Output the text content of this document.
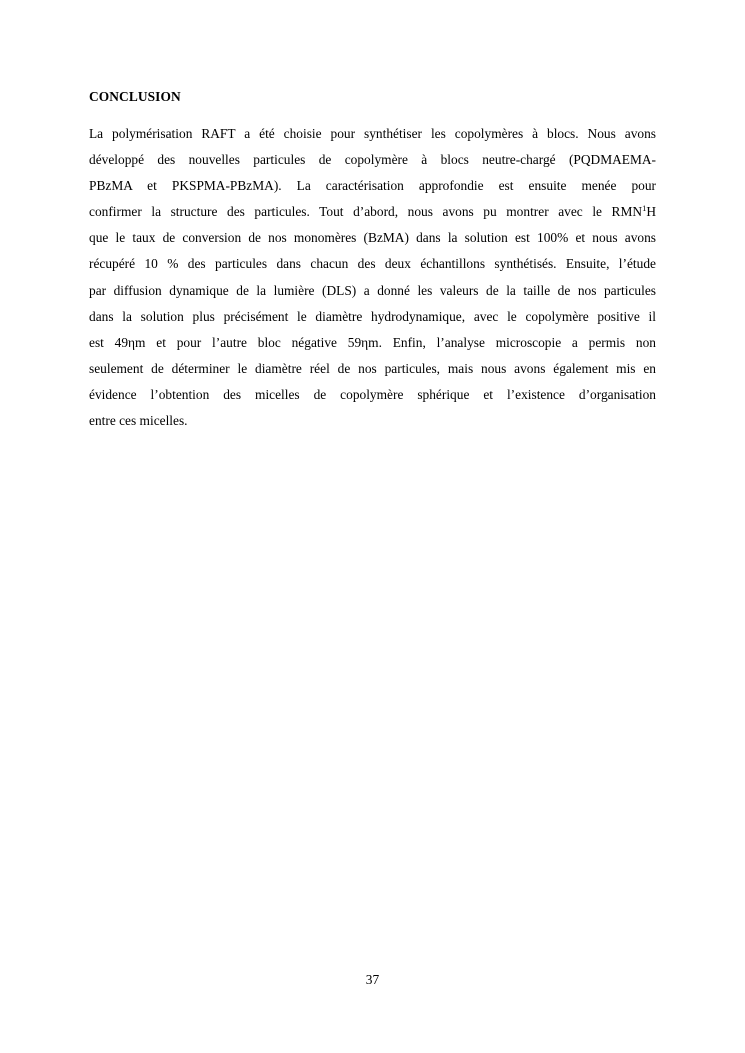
CONCLUSION
La polymérisation RAFT a été choisie pour synthétiser les copolymères à blocs. Nous avons
développé des nouvelles particules de copolymère à blocs neutre-chargé (PQDMAEMA-
PBzMA et PKSPMA-PBzMA). La caractérisation approfondie est ensuite menée pour
confirmer la structure des particules. Tout d’abord, nous avons pu montrer avec le RMN$^1$H
que le taux de conversion de nos monomères (BzMA) dans la solution est 100% et nous avons
récupéré 10 % des particules dans chacun des deux échantillons synthétisés. Ensuite, l’étude
par diffusion dynamique de la lumière (DLS) a donné les valeurs de la taille de nos particules
dans la solution plus précisément le diamètre hydrodynamique, avec le copolymère positive il
est 49ηm et pour l’autre bloc négative 59ηm. Enfin, l’analyse microscopie a permis non
seulement de déterminer le diamètre réel de nos particules, mais nous avons également mis en
évidence l’obtention des micelles de copolymère sphérique et l’existence d’organisation
entre ces micelles.
37
